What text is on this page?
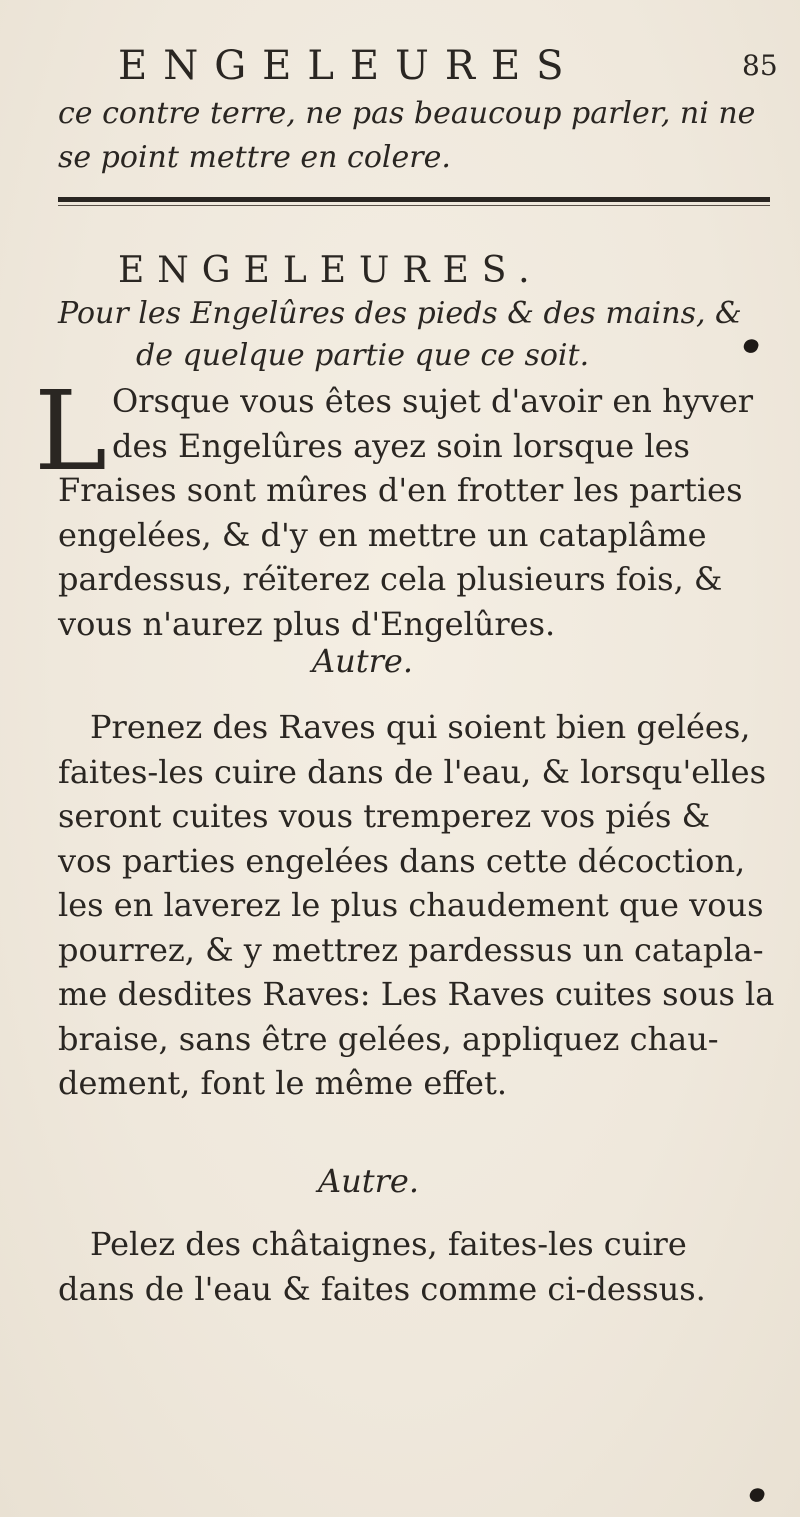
ENGELEURES	85
ce contre terre, ne pas beaucoup parler, ni ne
se point mettre en colere.
ENGELEURES.
Pour les Engelûres des pieds & des mains, &
de quelque partie que ce soit.
L Orsque vous êtes sujet d'avoir en hyver
des Engelûres ayez soin lorsque les
Fraises sont mûres d'en frotter les parties
engelées, & d'y en mettre un cataplâme
pardessus, réïterez cela plusieurs fois, &
vous n'aurez plus d'Engelûres.
Autre.
Prenez des Raves qui soient bien gelées,
faites-les cuire dans de l'eau, & lorsqu'elles
seront cuites vous tremperez vos piés &
vos parties engelées dans cette décoction,
les en laverez le plus chaudement que vous
pourrez, & y mettrez pardessus un catapla-
me desdites Raves: Les Raves cuites sous la
braise, sans être gelées, appliquez chau-
dement, font le même effet.
Autre.
Pelez des châtaignes, faites-les cuire
dans de l'eau & faites comme ci-dessus.
